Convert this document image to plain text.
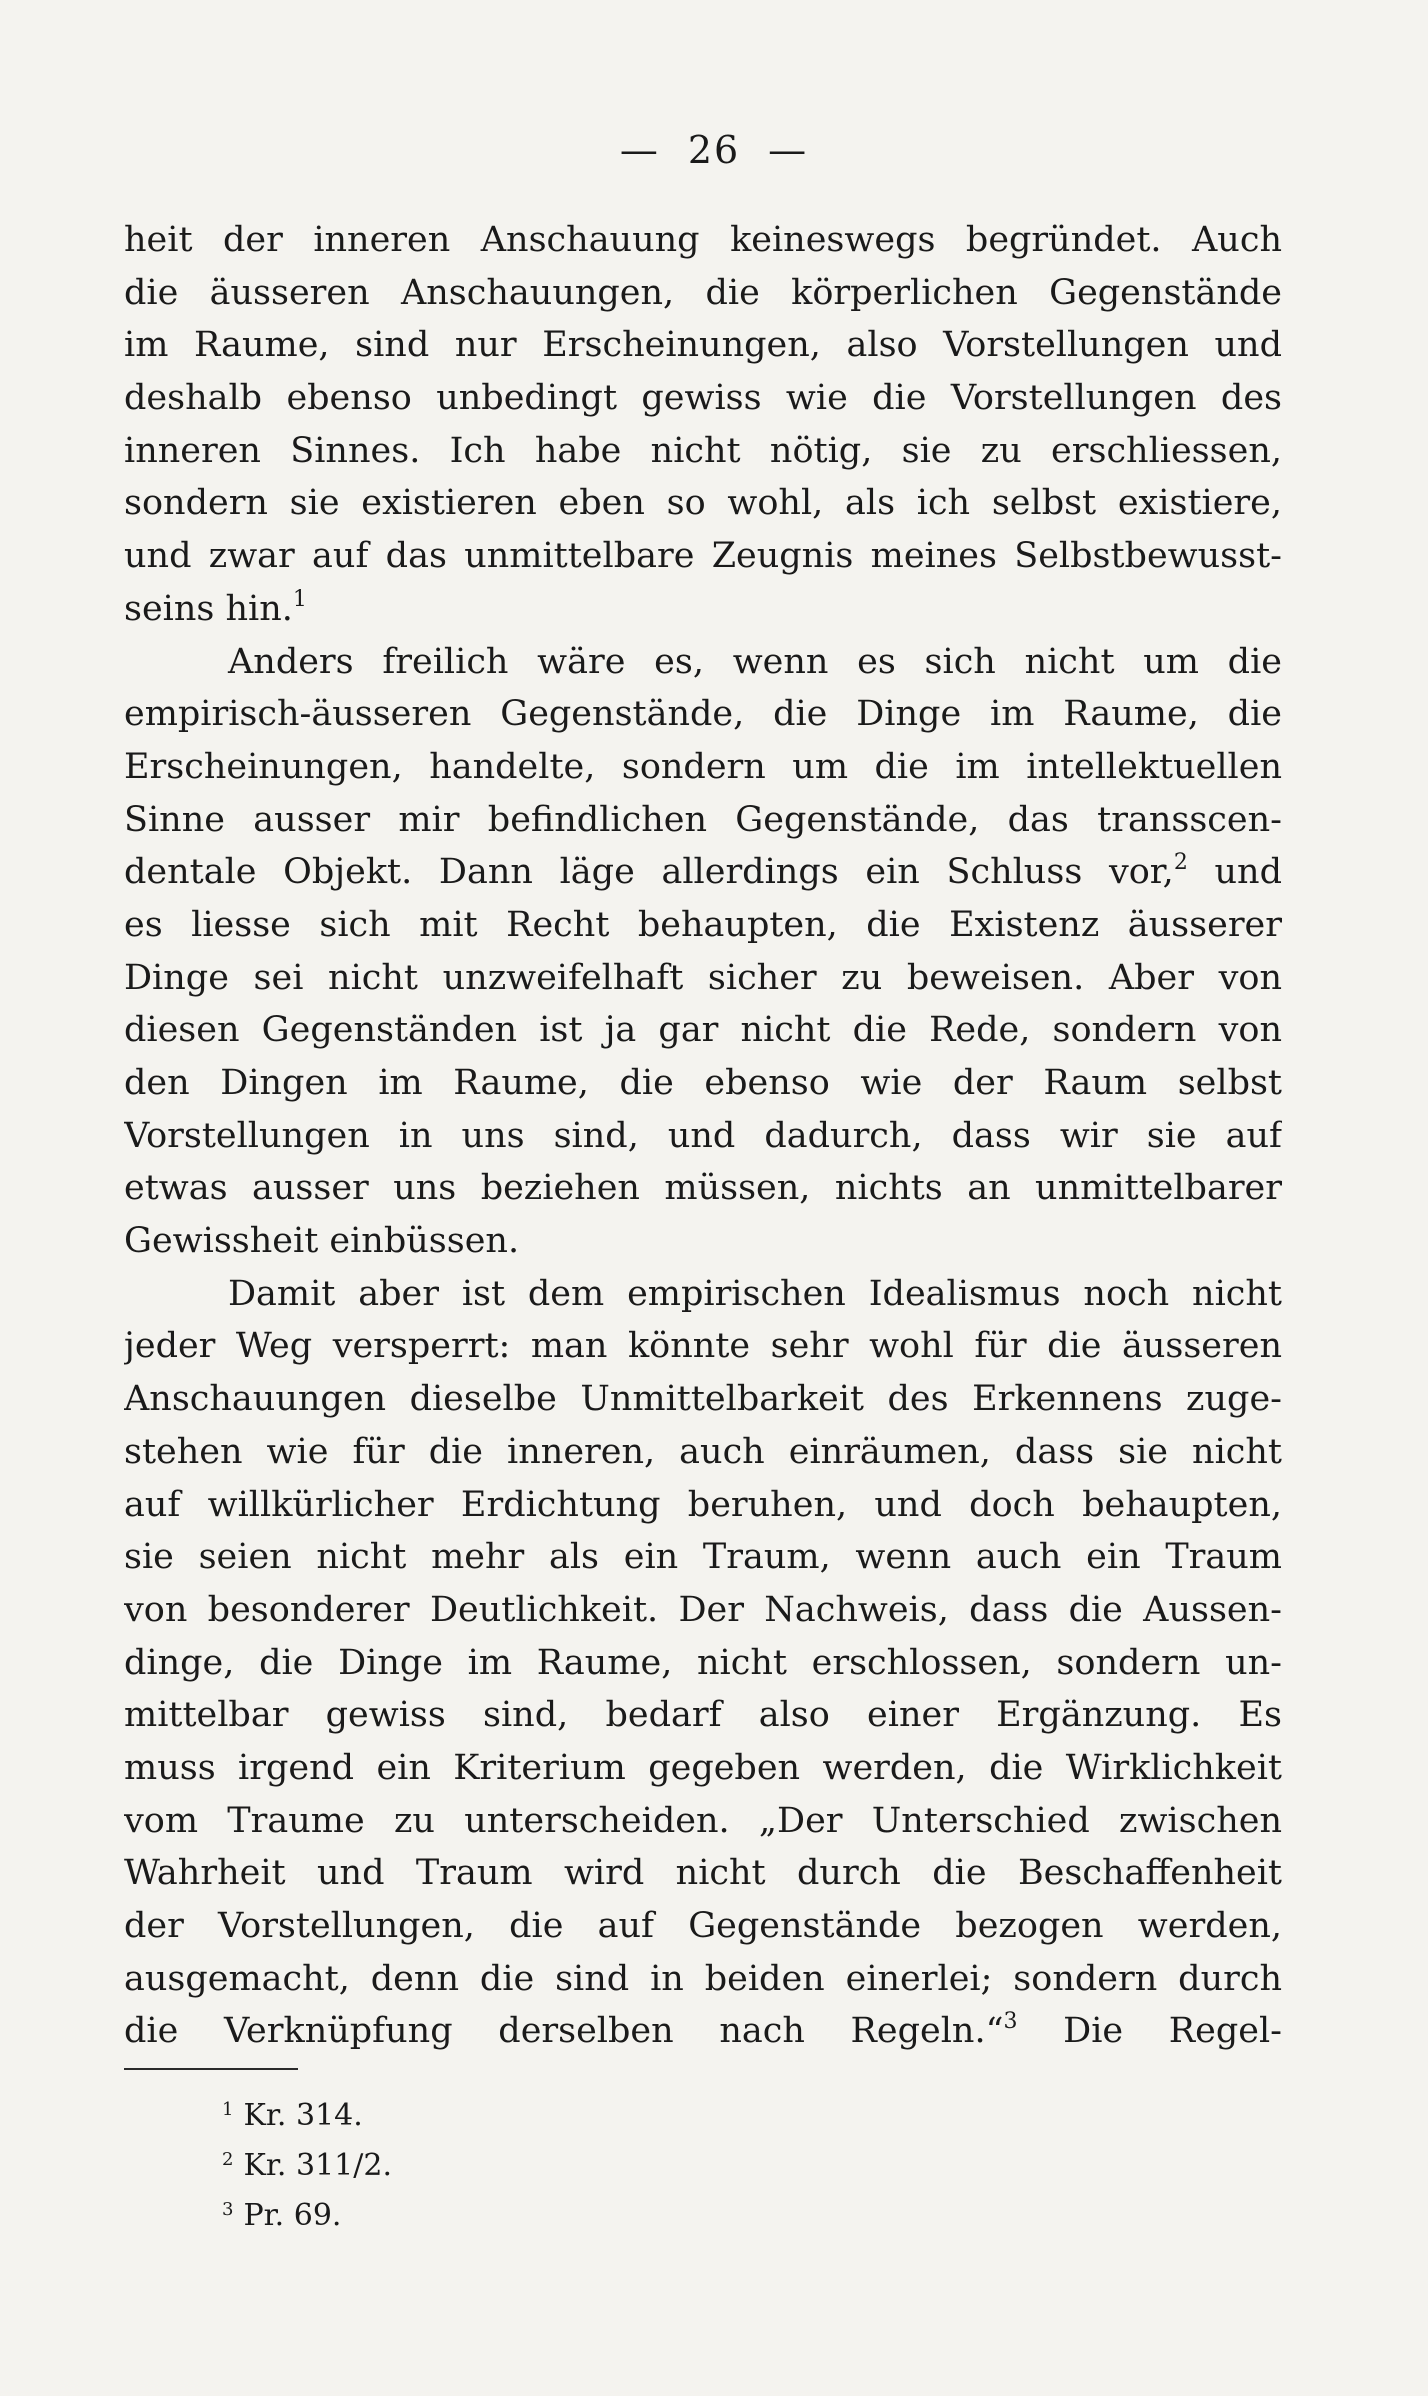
— 26 —
heit der inneren Anschauung keineswegs begründet. Auch
die äusseren Anschauungen, die körperlichen Gegenstände
im Raume, sind nur Erscheinungen, also Vorstellungen und
deshalb ebenso unbedingt gewiss wie die Vorstellungen des
inneren Sinnes. Ich habe nicht nötig, sie zu erschliessen,
sondern sie existieren eben so wohl, als ich selbst existiere,
und zwar auf das unmittelbare Zeugnis meines Selbstbewusst-
seins hin.$^1$
Anders freilich wäre es, wenn es sich nicht um die
empirisch-äusseren Gegenstände, die Dinge im Raume, die
Erscheinungen, handelte, sondern um die im intellektuellen
Sinne ausser mir befindlichen Gegenstände, das transscen-
dentale Objekt. Dann läge allerdings ein Schluss vor,$^2$ und
es liesse sich mit Recht behaupten, die Existenz äusserer
Dinge sei nicht unzweifelhaft sicher zu beweisen. Aber von
diesen Gegenständen ist ja gar nicht die Rede, sondern von
den Dingen im Raume, die ebenso wie der Raum selbst
Vorstellungen in uns sind, und dadurch, dass wir sie auf
etwas ausser uns beziehen müssen, nichts an unmittelbarer
Gewissheit einbüssen.
Damit aber ist dem empirischen Idealismus noch nicht
jeder Weg versperrt: man könnte sehr wohl für die äusseren
Anschauungen dieselbe Unmittelbarkeit des Erkennens zuge-
stehen wie für die inneren, auch einräumen, dass sie nicht
auf willkürlicher Erdichtung beruhen, und doch behaupten,
sie seien nicht mehr als ein Traum, wenn auch ein Traum
von besonderer Deutlichkeit. Der Nachweis, dass die Aussen-
dinge, die Dinge im Raume, nicht erschlossen, sondern un-
mittelbar gewiss sind, bedarf also einer Ergänzung. Es
muss irgend ein Kriterium gegeben werden, die Wirklichkeit
vom Traume zu unterscheiden. „Der Unterschied zwischen
Wahrheit und Traum wird nicht durch die Beschaffenheit
der Vorstellungen, die auf Gegenstände bezogen werden,
ausgemacht, denn die sind in beiden einerlei; sondern durch
die Verknüpfung derselben nach Regeln.“$^3$ Die Regel-
$^1$ Kr. 314.
$^2$ Kr. 311/2.
$^3$ Pr. 69.
